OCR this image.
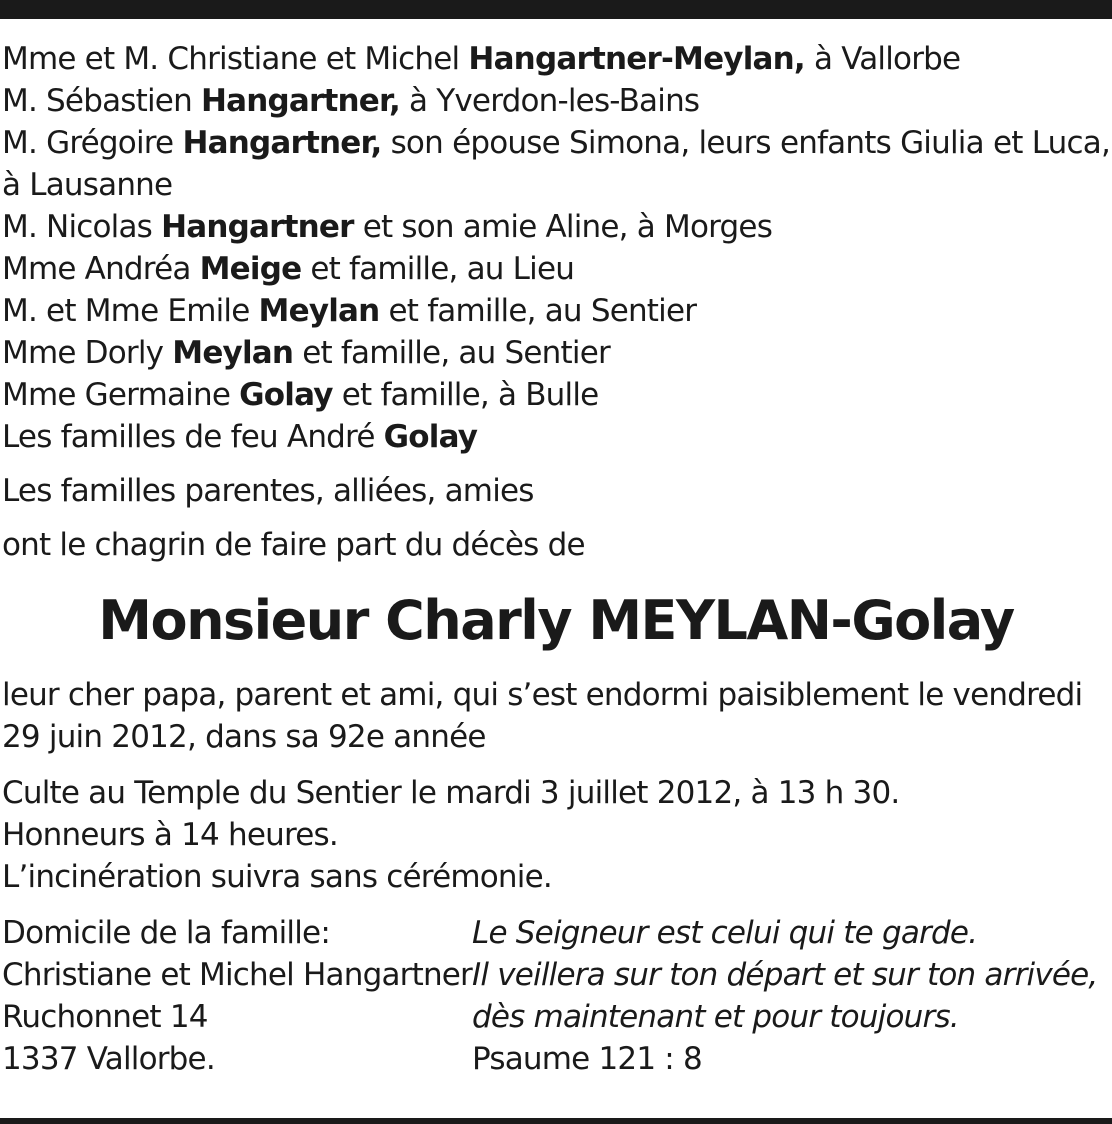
Mme et M. Christiane et Michel Hangartner-Meylan, à Vallorbe
M. Sébastien Hangartner, à Yverdon-les-Bains
M. Grégoire Hangartner, son épouse Simona, leurs enfants Giulia et Luca, à Lausanne
M. Nicolas Hangartner et son amie Aline, à Morges
Mme Andréa Meige et famille, au Lieu
M. et Mme Emile Meylan et famille, au Sentier
Mme Dorly Meylan et famille, au Sentier
Mme Germaine Golay et famille, à Bulle
Les familles de feu André Golay
Les familles parentes, alliées, amies
ont le chagrin de faire part du décès de
Monsieur Charly MEYLAN-Golay
leur cher papa, parent et ami, qui s’est endormi paisiblement le vendredi 29 juin 2012, dans sa 92e année
Culte au Temple du Sentier le mardi 3 juillet 2012, à 13 h 30.
Honneurs à 14 heures.
L’incinération suivra sans cérémonie.
Domicile de la famille:
Christiane et Michel Hangartner
Ruchonnet 14
1337 Vallorbe.
Le Seigneur est celui qui te garde.
Il veillera sur ton départ et sur ton arrivée,
dès maintenant et pour toujours.
Psaume 121 : 8
